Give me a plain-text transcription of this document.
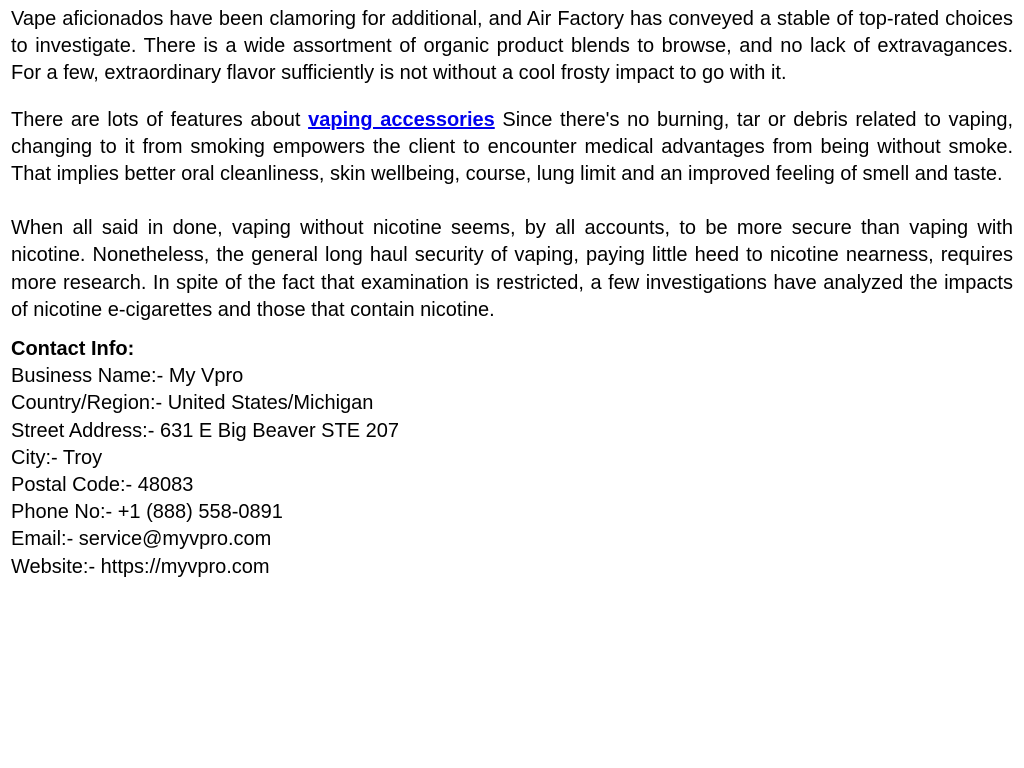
Vape aficionados have been clamoring for additional, and Air Factory has conveyed a stable of top-rated choices to investigate. There is a wide assortment of organic product blends to browse, and no lack of extravagances. For a few, extraordinary flavor sufficiently is not without a cool frosty impact to go with it.

There are lots of features about vaping accessories Since there's no burning, tar or debris related to vaping, changing to it from smoking empowers the client to encounter medical advantages from being without smoke. That implies better oral cleanliness, skin wellbeing, course, lung limit and an improved feeling of smell and taste.

When all said in done, vaping without nicotine seems, by all accounts, to be more secure than vaping with nicotine. Nonetheless, the general long haul security of vaping, paying little heed to nicotine nearness, requires more research. In spite of the fact that examination is restricted, a few investigations have analyzed the impacts of nicotine e-cigarettes and those that contain nicotine.

Contact Info:
Business Name:- My Vpro
Country/Region:- United States/Michigan
Street Address:- 631 E Big Beaver STE 207
City:- Troy
Postal Code:- 48083
Phone No:- +1 (888) 558-0891
Email:- service@myvpro.com
Website:- https://myvpro.com
